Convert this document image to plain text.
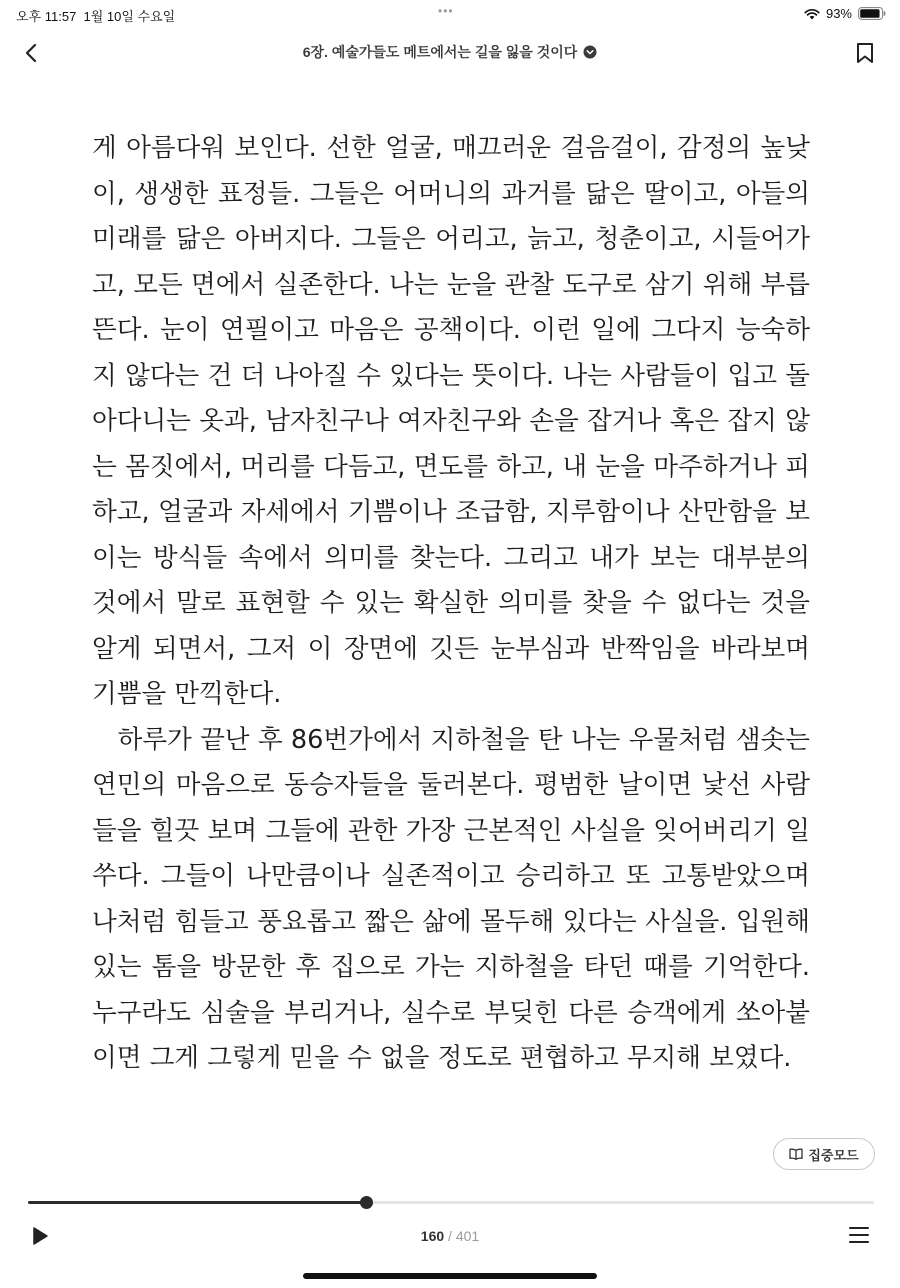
오후 11:57 1월 10일 수요일	•••	93%
6장. 예술가들도 메트에서는 길을 잃을 것이다

게 아름다워 보인다. 선한 얼굴, 매끄러운 걸음걸이, 감정의 높낮이, 생생한 표정들. 그들은 어머니의 과거를 닮은 딸이고, 아들의 미래를 닮은 아버지다. 그들은 어리고, 늙고, 청춘이고, 시들어가고, 모든 면에서 실존한다. 나는 눈을 관찰 도구로 삼기 위해 부릅뜬다. 눈이 연필이고 마음은 공책이다. 이런 일에 그다지 능숙하지 않다는 건 더 나아질 수 있다는 뜻이다. 나는 사람들이 입고 돌아다니는 옷과, 남자친구나 여자친구와 손을 잡거나 혹은 잡지 않는 몸짓에서, 머리를 다듬고, 면도를 하고, 내 눈을 마주하거나 피하고, 얼굴과 자세에서 기쁨이나 조급함, 지루함이나 산만함을 보이는 방식들 속에서 의미를 찾는다. 그리고 내가 보는 대부분의 것에서 말로 표현할 수 있는 확실한 의미를 찾을 수 없다는 것을 알게 되면서, 그저 이 장면에 깃든 눈부심과 반짝임을 바라보며 기쁨을 만끽한다.

하루가 끝난 후 86번가에서 지하철을 탄 나는 우물처럼 샘솟는 연민의 마음으로 동승자들을 둘러본다. 평범한 날이면 낯선 사람들을 힐끗 보며 그들에 관한 가장 근본적인 사실을 잊어버리기 일쑤다. 그들이 나만큼이나 실존적이고 승리하고 또 고통받았으며 나처럼 힘들고 풍요롭고 짧은 삶에 몰두해 있다는 사실을. 입원해 있는 톰을 방문한 후 집으로 가는 지하철을 타던 때를 기억한다. 누구라도 심술을 부리거나, 실수로 부딪힌 다른 승객에게 쏘아붙이면 그게 그렇게 믿을 수 없을 정도로 편협하고 무지해 보였다.

집중모드
160 / 401
